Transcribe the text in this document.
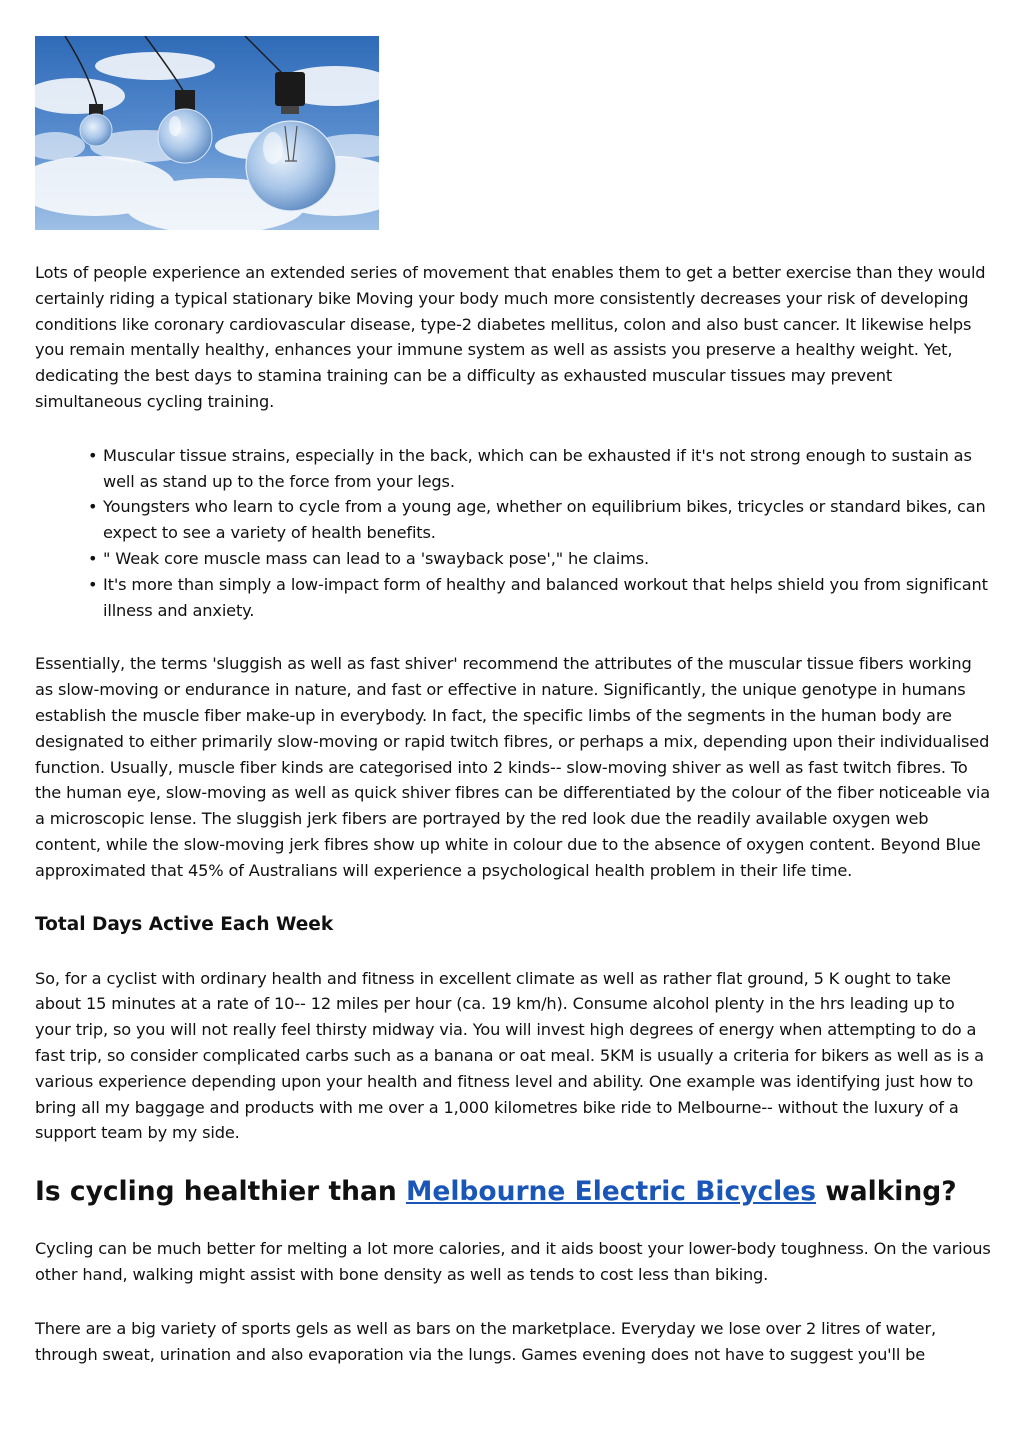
Lots of people experience an extended series of movement that enables them to get a better exercise than they would certainly riding a typical stationary bike Moving your body much more consistently decreases your risk of developing conditions like coronary cardiovascular disease, type-2 diabetes mellitus, colon and also bust cancer. It likewise helps you remain mentally healthy, enhances your immune system as well as assists you preserve a healthy weight. Yet, dedicating the best days to stamina training can be a difficulty as exhausted muscular tissues may prevent simultaneous cycling training.

• Muscular tissue strains, especially in the back, which can be exhausted if it's not strong enough to sustain as well as stand up to the force from your legs.
• Youngsters who learn to cycle from a young age, whether on equilibrium bikes, tricycles or standard bikes, can expect to see a variety of health benefits.
• " Weak core muscle mass can lead to a 'swayback pose'," he claims.
• It's more than simply a low-impact form of healthy and balanced workout that helps shield you from significant illness and anxiety.

Essentially, the terms 'sluggish as well as fast shiver' recommend the attributes of the muscular tissue fibers working as slow-moving or endurance in nature, and fast or effective in nature. Significantly, the unique genotype in humans establish the muscle fiber make-up in everybody. In fact, the specific limbs of the segments in the human body are designated to either primarily slow-moving or rapid twitch fibres, or perhaps a mix, depending upon their individualised function. Usually, muscle fiber kinds are categorised into 2 kinds-- slow-moving shiver as well as fast twitch fibres. To the human eye, slow-moving as well as quick shiver fibres can be differentiated by the colour of the fiber noticeable via a microscopic lense. The sluggish jerk fibers are portrayed by the red look due the readily available oxygen web content, while the slow-moving jerk fibres show up white in colour due to the absence of oxygen content. Beyond Blue approximated that 45% of Australians will experience a psychological health problem in their life time.

Total Days Active Each Week

So, for a cyclist with ordinary health and fitness in excellent climate as well as rather flat ground, 5 K ought to take about 15 minutes at a rate of 10-- 12 miles per hour (ca. 19 km/h). Consume alcohol plenty in the hrs leading up to your trip, so you will not really feel thirsty midway via. You will invest high degrees of energy when attempting to do a fast trip, so consider complicated carbs such as a banana or oat meal. 5KM is usually a criteria for bikers as well as is a various experience depending upon your health and fitness level and ability. One example was identifying just how to bring all my baggage and products with me over a 1,000 kilometres bike ride to Melbourne-- without the luxury of a support team by my side.

Is cycling healthier than Melbourne Electric Bicycles walking?

Cycling can be much better for melting a lot more calories, and it aids boost your lower-body toughness. On the various other hand, walking might assist with bone density as well as tends to cost less than biking.

There are a big variety of sports gels as well as bars on the marketplace. Everyday we lose over 2 litres of water, through sweat, urination and also evaporation via the lungs. Games evening does not have to suggest you'll be
